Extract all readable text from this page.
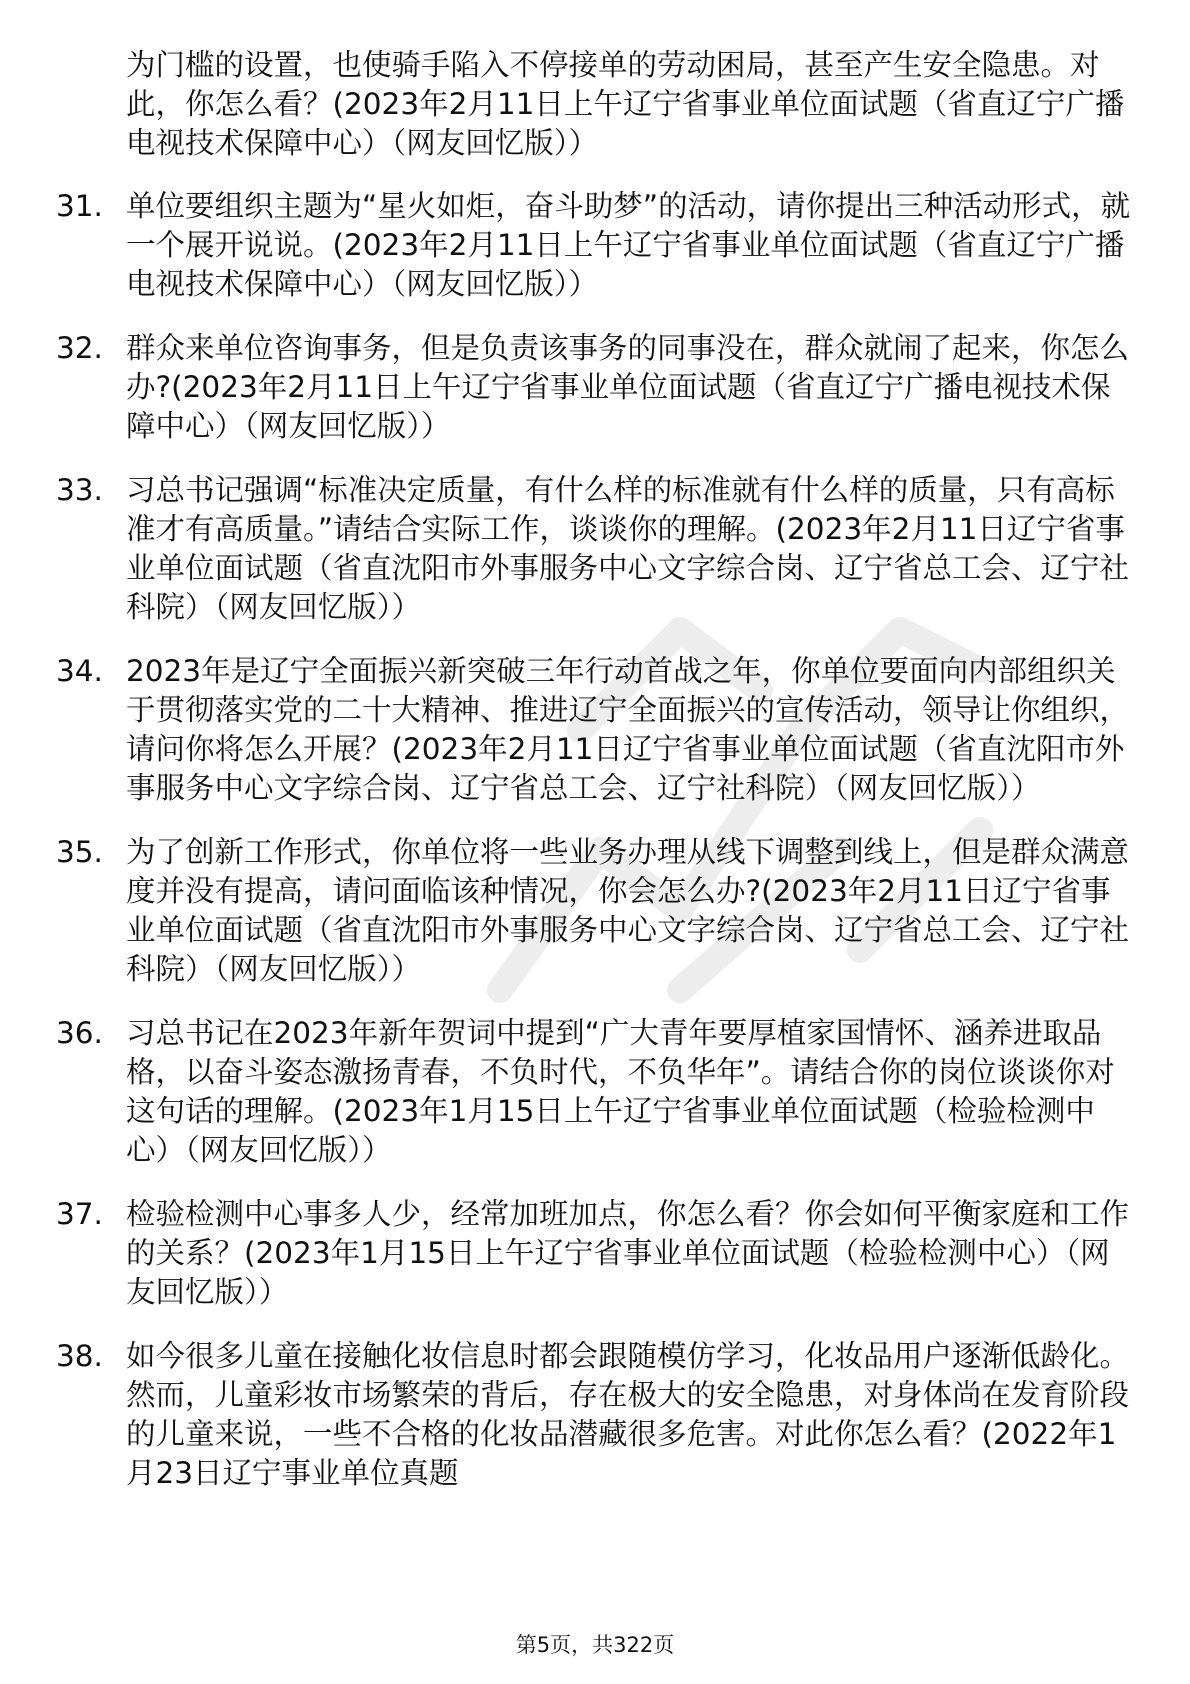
为门槛的设置，也使骑手陷入不停接单的劳动困局，甚至产生安全隐患。对此，你怎么看？(2023年2月11日上午辽宁省事业单位面试题（省直辽宁广播电视技术保障中心）（网友回忆版））

31. 单位要组织主题为“星火如炬，奋斗助梦”的活动，请你提出三种活动形式，就一个展开说说。(2023年2月11日上午辽宁省事业单位面试题（省直辽宁广播电视技术保障中心）（网友回忆版））
32. 群众来单位咨询事务，但是负责该事务的同事没在，群众就闹了起来，你怎么办?(2023年2月11日上午辽宁省事业单位面试题（省直辽宁广播电视技术保障中心）（网友回忆版））
33. 习总书记强调“标准决定质量，有什么样的标准就有什么样的质量，只有高标准才有高质量。”请结合实际工作，谈谈你的理解。(2023年2月11日辽宁省事业单位面试题（省直沈阳市外事服务中心文字综合岗、辽宁省总工会、辽宁社科院）（网友回忆版））
34. 2023年是辽宁全面振兴新突破三年行动首战之年，你单位要面向内部组织关于贯彻落实党的二十大精神、推进辽宁全面振兴的宣传活动，领导让你组织，请问你将怎么开展？(2023年2月11日辽宁省事业单位面试题（省直沈阳市外事服务中心文字综合岗、辽宁省总工会、辽宁社科院）（网友回忆版））
35. 为了创新工作形式，你单位将一些业务办理从线下调整到线上，但是群众满意度并没有提高，请问面临该种情况，你会怎么办?(2023年2月11日辽宁省事业单位面试题（省直沈阳市外事服务中心文字综合岗、辽宁省总工会、辽宁社科院）（网友回忆版））
36. 习总书记在2023年新年贺词中提到“广大青年要厚植家国情怀、涵养进取品格，以奋斗姿态激扬青春，不负时代，不负华年”。请结合你的岗位谈谈你对这句话的理解。(2023年1月15日上午辽宁省事业单位面试题（检验检测中心）（网友回忆版））
37. 检验检测中心事多人少，经常加班加点，你怎么看？你会如何平衡家庭和工作的关系？(2023年1月15日上午辽宁省事业单位面试题（检验检测中心）（网友回忆版））
38. 如今很多儿童在接触化妆信息时都会跟随模仿学习，化妆品用户逐渐低龄化。然而，儿童彩妆市场繁荣的背后，存在极大的安全隐患，对身体尚在发育阶段的儿童来说，一些不合格的化妆品潜藏很多危害。对此你怎么看？(2022年1月23日辽宁事业单位真题
第5页，共322页
